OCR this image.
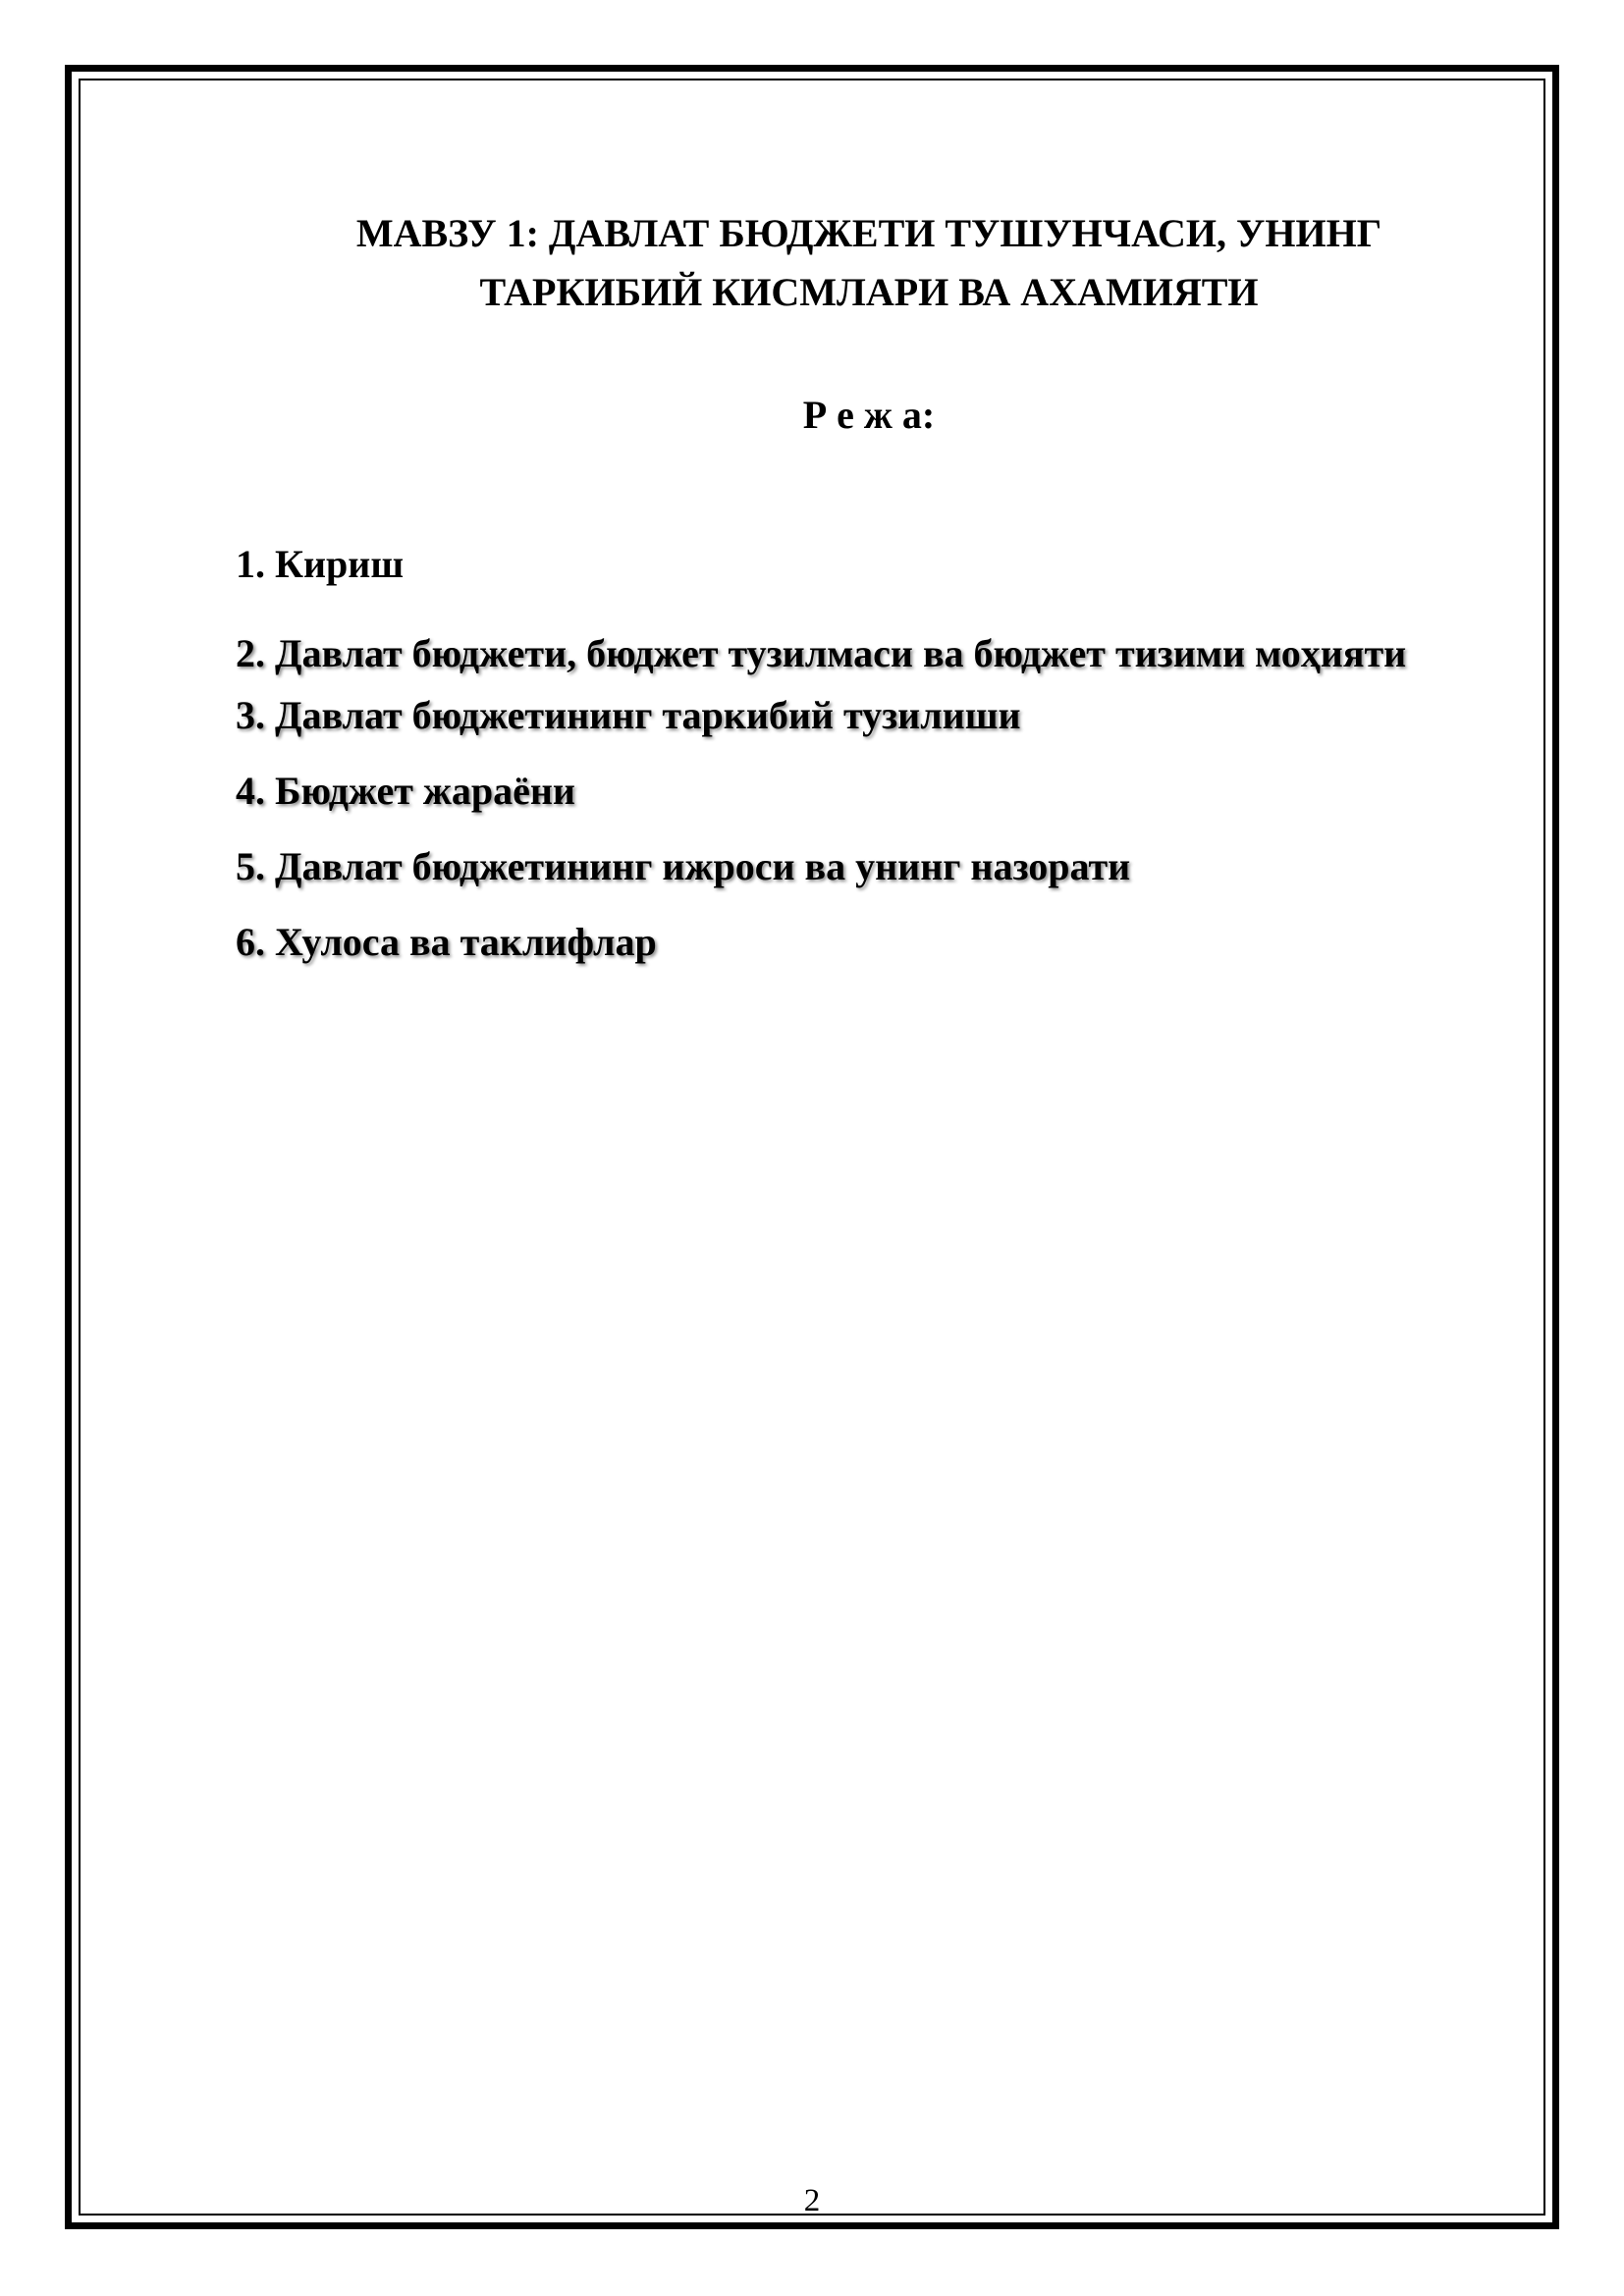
МАВЗУ 1: ДАВЛАТ БЮДЖЕТИ ТУШУНЧАСИ, УНИНГ
ТАРКИБИЙ КИСМЛАРИ ВА АХАМИЯТИ
Р е ж а:
1. Кириш
2. Давлат бюджети, бюджет тузилмаси ва бюджет тизими моҳияти
3. Давлат бюджетининг таркибий тузилиши
4. Бюджет жараёни
5. Давлат бюджетининг ижроси ва унинг назорати
6. Хулоса ва таклифлар
2
